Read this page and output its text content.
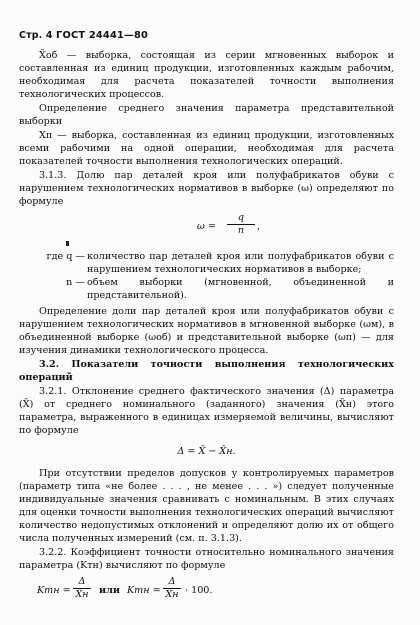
Стр. 4 ГОСТ 24441—80

X̄об — выборка, состоящая из серии мгновенных выборок и составленная из единиц продукции, изготовленных каждым рабочим, необходимая для расчета показателей точности выполнения технологических процессов.

Определение среднего значения параметра представительной выборки

Xп — выборка, составленная из единиц продукции, изготовленных всеми рабочими на одной операции, необходимая для расчета показателей точности выполнения технологических операций.

3.1.3. Долю пар деталей кроя или полуфабрикатов обуви с нарушением технологических нормативов в выборке (ω) определяют по формуле

$\omega = \frac{q}{n}$ ,
где q — количество пар деталей кроя или полуфабрикатов обуви с нарушением технологических нормативов в выборке;
n — объем выборки (мгновенной, объединенной и представительной).

Определение доли пар деталей кроя или полуфабрикатов обуви с нарушением технологических нормативов в мгновенной выборке (ωм), в объединенной выборке (ωоб) и представительной выборке (ωп) — для изучения динамики технологического процесса.

3.2. Показатели точности выполнения технологических операций

3.2.1. Отклонение среднего фактического значения (Δ) параметра (X̄) от среднего номинального (заданного) значения (X̄н) этого параметра, выраженного в единицах измеряемой величины, вычисляют по формуле

Δ = X̄ − X̄н.

При отсутствии пределов допусков у контролируемых параметров (параметр типа «не более . . . , не менее . . . ») следует полученные индивидуальные значения сравнивать с номинальным. В этих случаях для оценки точности выполнения технологических операций вычисляют количество недопустимых отклонений и определяют долю их от общего числа полученных измерений (см. п. 3.1.3).

3.2.2. Коэффициент точности относительно номинального значения параметра (Kтн) вычисляют по формуле

Kтн =
Δ
X̄н или Kтн =
Δ
X̄н · 100.
